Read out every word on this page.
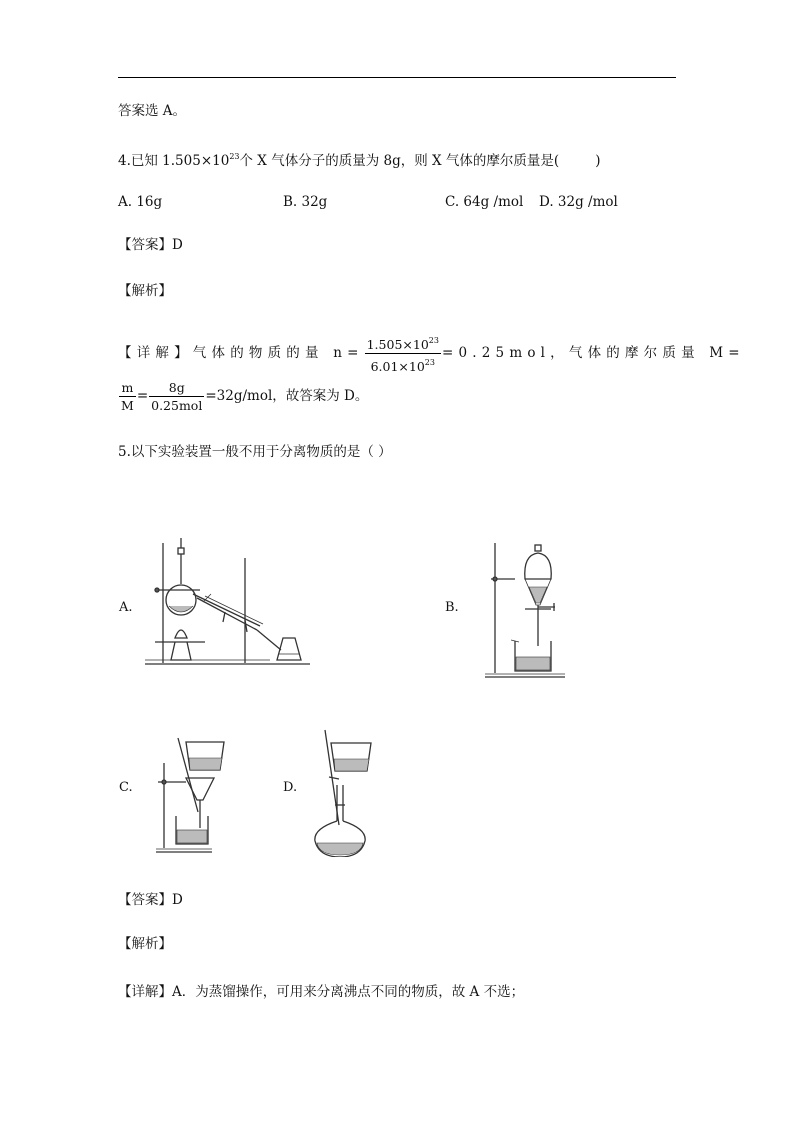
答案选 A。
4.已知 $1.505\times 10^{23}$个 X 气体分子的质量为 8g，则 X 气体的摩尔质量是(	)
A. 16g	B. 32g	C. 64g /mol D. 32g /mol
【答案】D
【解析】
【详解】气体的物质的量 $n= \frac{1.505\times 10^{23}}{6.01\times 10^{23}} =0.25mol$，气体的摩尔质量 M=
$\frac{m}{M} = \frac{8g}{\text{0.25mol}} =32g/mol$，故答案为 D。
5.以下实验装置一般不用于分离物质的是（ ）
A.	B.
C.	D.
【答案】D
【解析】
【详解】A．为蒸馏操作，可用来分离沸点不同的物质，故 A 不选；
